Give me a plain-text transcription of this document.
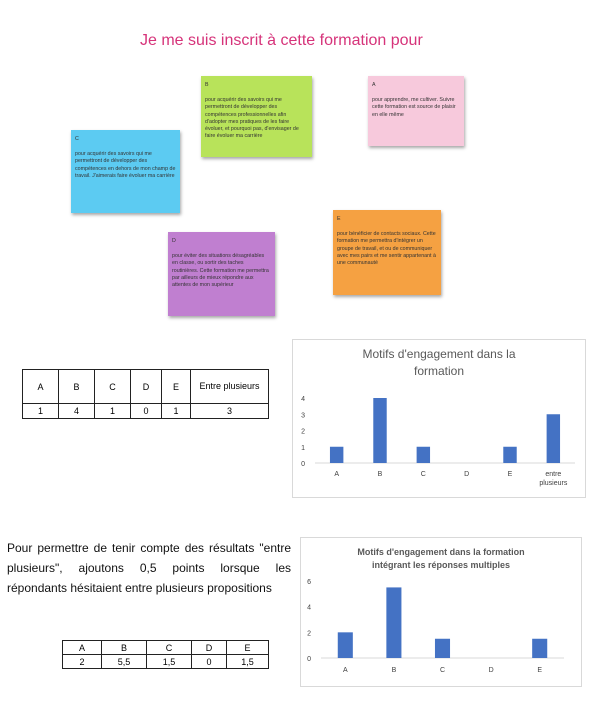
Je me suis inscrit à cette formation pour
B
pour acquérir des savoirs qui me permettront de développer des compétences professionnelles afin d'adopter mes pratiques de les faire évoluer, et pourquoi pas, d'envisager de faire évoluer ma carrière
A
pour apprendre, me cultiver. Suivre cette formation est source de plaisir en elle même
C
pour acquérir des savoirs qui me permettront de développer des compétences en dehors de mon champ de travail. J'aimerais faire évoluer ma carrière
D
pour éviter des situations désagréables en classe, ou sortir des taches routinières. Cette formation me permettra par ailleurs de mieux répondre aux attentes de mon supérieur
E
pour bénéficier de contacts sociaux. Cette formation me permettra d'intégrer un groupe de travail, et ou de communiquer avec mes pairs et me sentir appartenant à une communauté
A	B	C	D	E	Entre plusieurs
1	4	1	0	1	3
Motifs d'engagement dans la formation
0
1
2
3
4
A	B	C	D	E	entre
plusieurs
Pour permettre de tenir compte des résultats "entre plusieurs", ajoutons 0,5 points lorsque les répondants hésitaient entre plusieurs propositions
A	B	C	D	E
2	5,5	1,5	0	1,5
Motifs d'engagement dans la formation intégrant les réponses multiples
0
2
4
6
A	B	C	D	E
